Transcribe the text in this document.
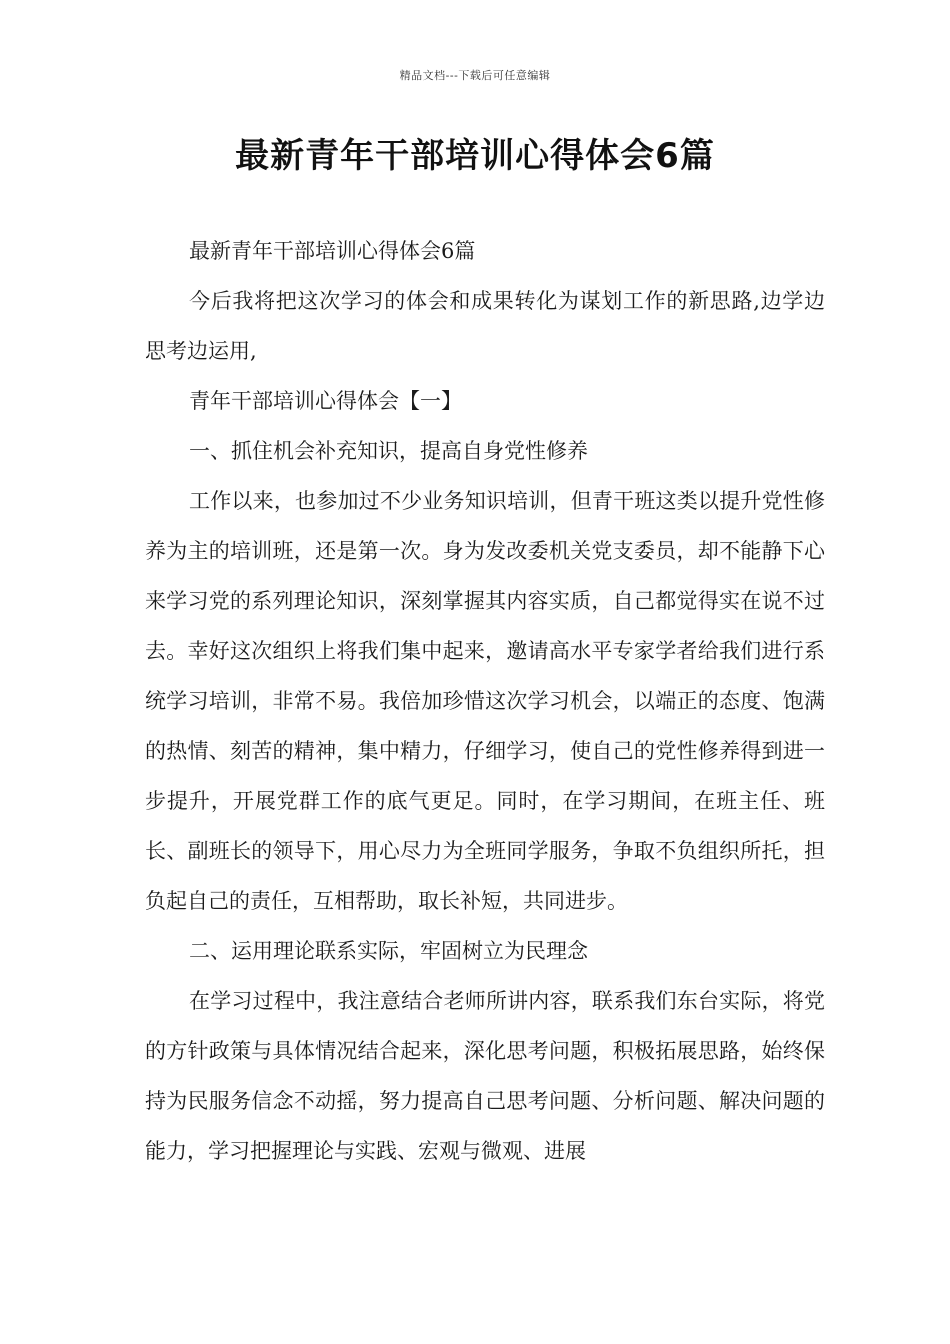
精品文档---下载后可任意编辑
最新青年干部培训心得体会6篇

最新青年干部培训心得体会6篇

今后我将把这次学习的体会和成果转化为谋划工作的新思路,边学边思考边运用,

青年干部培训心得体会【一】

一、抓住机会补充知识，提高自身党性修养

工作以来，也参加过不少业务知识培训，但青干班这类以提升党性修养为主的培训班，还是第一次。身为发改委机关党支委员，却不能静下心来学习党的系列理论知识，深刻掌握其内容实质，自己都觉得实在说不过去。幸好这次组织上将我们集中起来，邀请高水平专家学者给我们进行系统学习培训，非常不易。我倍加珍惜这次学习机会，以端正的态度、饱满的热情、刻苦的精神，集中精力，仔细学习，使自己的党性修养得到进一步提升，开展党群工作的底气更足。同时，在学习期间，在班主任、班长、副班长的领导下，用心尽力为全班同学服务，争取不负组织所托，担负起自己的责任，互相帮助，取长补短，共同进步。

二、运用理论联系实际，牢固树立为民理念

在学习过程中，我注意结合老师所讲内容，联系我们东台实际，将党的方针政策与具体情况结合起来，深化思考问题，积极拓展思路，始终保持为民服务信念不动摇，努力提高自己思考问题、分析问题、解决问题的能力，学习把握理论与实践、宏观与微观、进展
